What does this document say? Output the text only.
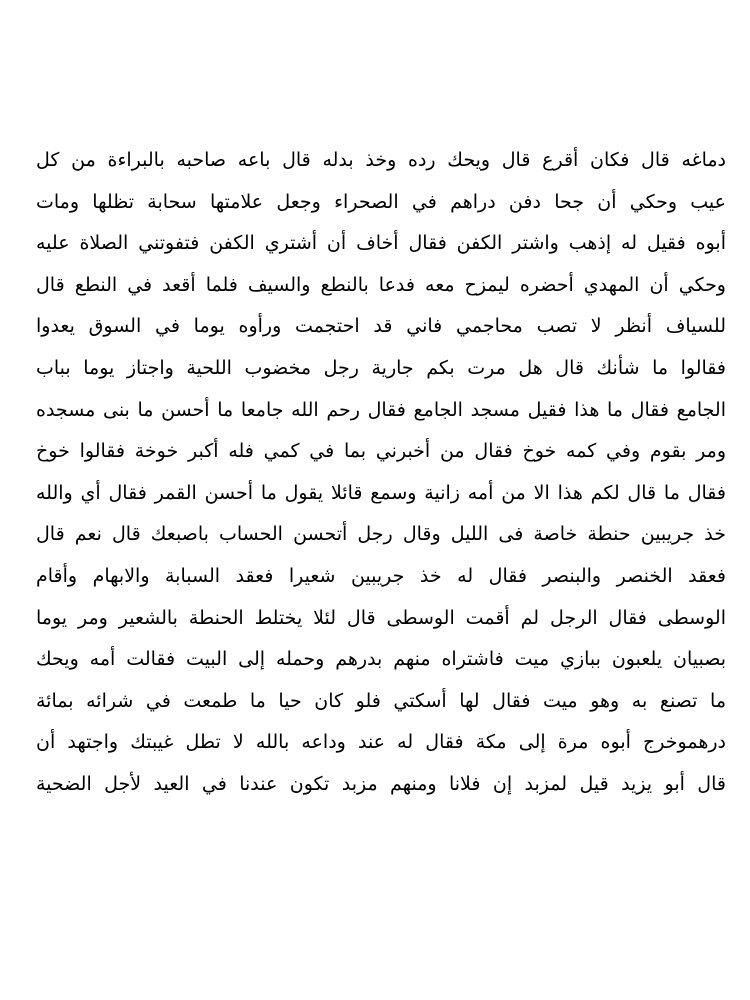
دماغه قال فكان أقرع قال ويحك رده وخذ بدله قال باعه صاحبه بالبراءة من كل
عيب وحكي أن جحا دفن دراهم في الصحراء وجعل علامتها سحابة تظلها ومات
أبوه فقيل له إذهب واشتر الكفن فقال أخاف أن أشتري الكفن فتفوتني الصلاة عليه
وحكي أن المهدي أحضره ليمزح معه فدعا بالنطع والسيف فلما أقعد في النطع قال
للسياف أنظر لا تصب محاجمي فاني قد احتجمت ورأوه يوما في السوق يعدوا
فقالوا ما شأنك قال هل مرت بكم جارية رجل مخضوب اللحية واجتاز يوما بباب
الجامع فقال ما هذا فقيل مسجد الجامع فقال رحم الله جامعا ما أحسن ما بنى مسجده
ومر بقوم وفي كمه خوخ فقال من أخبرني بما في كمي فله أكبر خوخة فقالوا خوخ
فقال ما قال لكم هذا الا من أمه زانية وسمع قائلا يقول ما أحسن القمر فقال أي والله
خذ جريبين حنطة خاصة فى الليل وقال رجل أتحسن الحساب باصبعك قال نعم قال
فعقد الخنصر والبنصر فقال له خذ جريبين شعيرا فعقد السبابة والابهام وأقام
الوسطى فقال الرجل لم أقمت الوسطى قال لئلا يختلط الحنطة بالشعير ومر يوما
بصبيان يلعبون ببازي ميت فاشتراه منهم بدرهم وحمله إلى البيت فقالت أمه ويحك
ما تصنع به وهو ميت فقال لها أسكتي فلو كان حيا ما طمعت في شرائه بمائة
درهموخرج أبوه مرة إلى مكة فقال له عند وداعه بالله لا تطل غيبتك واجتهد أن
قال أبو يزيد قيل لمزبد إن فلانا ومنهم مزبد تكون عندنا في العيد لأجل الضحية
